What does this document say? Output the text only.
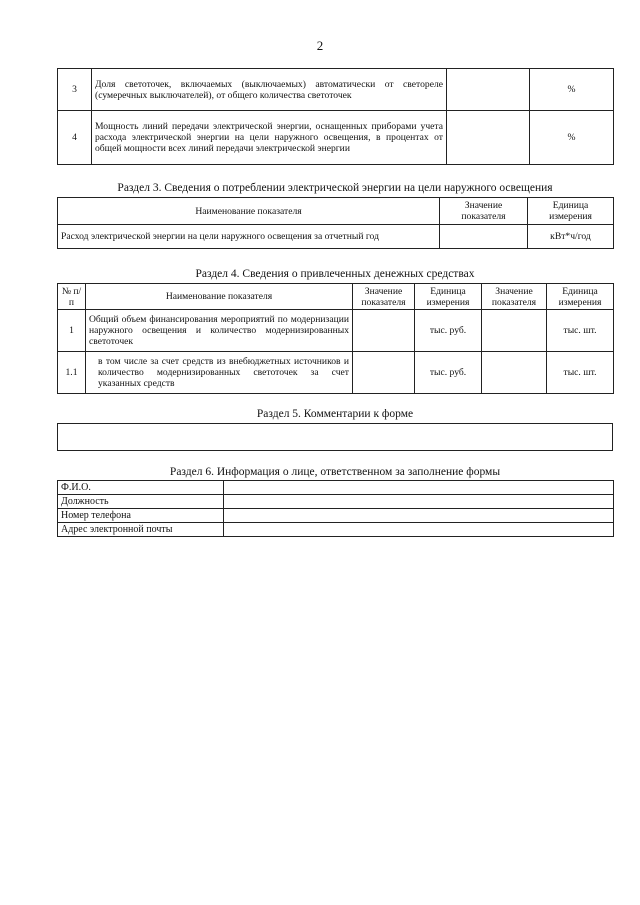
2
3	Доля светоточек, включаемых (выключаемых) автоматически от светореле (сумеречных выключателей), от общего количества светоточек		%
4	Мощность линий передачи электрической энергии, оснащенных приборами учета расхода электрической энергии на цели наружного освещения, в процентах от общей мощности всех линий передачи электрической энергии		%
Раздел 3. Сведения о потреблении электрической энергии на цели наружного освещения
Наименование показателя	Значение показателя	Единица измерения
Расход электрической энергии на цели наружного освещения за отчетный год		кВт*ч/год
Раздел 4. Сведения о привлеченных денежных средствах
№ п/п	Наименование показателя	Значение показателя	Единица измерения	Значение показателя	Единица измерения
1	Общий объем финансирования мероприятий по модернизации наружного освещения и количество модернизированных светоточек		тыс. руб.		тыс. шт.
1.1	в том числе за счет средств из внебюджетных источников и количество модернизированных светоточек за счет указанных средств		тыс. руб.		тыс. шт.
Раздел 5. Комментарии к форме
Раздел 6. Информация о лице, ответственном за заполнение формы
Ф.И.О.	
Должность	
Номер телефона	
Адрес электронной почты	
